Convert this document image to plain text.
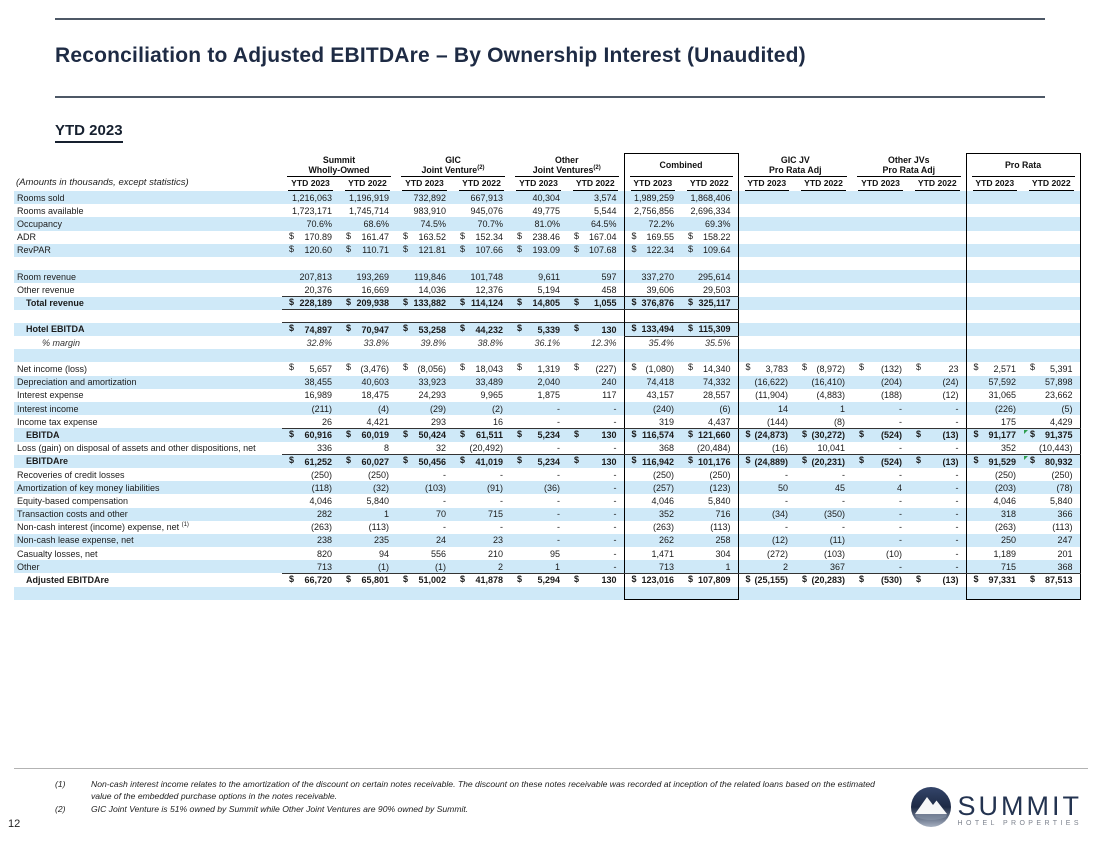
Reconciliation to Adjusted EBITDAre – By Ownership Interest (Unaudited)
YTD 2023
(Amounts in thousands, except statistics)	Summit
Wholly-Owned		GIC
Joint Venture$^{(2)}$		Other
Joint Ventures$^{(2)}$		Combined		GIC JV
Pro Rata Adj		Other JVs
Pro Rata Adj		Pro Rata	

	YTD 2023	YTD 2022	YTD 2023	YTD 2022	YTD 2023	YTD 2022	YTD 2023	YTD 2022	YTD 2023	YTD 2022	YTD 2023	YTD 2022	YTD 2023	YTD 2022

Rooms sold	1,216,063	1,196,919	732,892	667,913	40,304	3,574	1,989,259	1,868,406						
Rooms available	1,723,171	1,745,714	983,910	945,076	49,775	5,544	2,756,856	2,696,334						
Occupancy	70.6%	68.6%	74.5%	70.7%	81.0%	64.5%	72.2%	69.3%						
ADR	$ 170.89	$ 161.47	$ 163.52	$ 152.34	$ 238.46	$ 167.04	$ 169.55	$ 158.22						
RevPAR	$ 120.60	$ 110.71	$ 121.81	$ 107.66	$ 193.09	$ 107.68	$ 122.34	$ 109.64						

Room revenue	207,813	193,269	119,846	101,748	9,611	597	337,270	295,614						
Other revenue	20,376	16,669	14,036	12,376	5,194	458	39,606	29,503						
Total revenue	$ 228,189	$ 209,938	$ 133,882	$ 114,124	$ 14,805	$ 1,055	$ 376,876	$ 325,117						

Hotel EBITDA	$ 74,897	$ 70,947	$ 53,258	$ 44,232	$ 5,339	$ 130	$ 133,494	$ 115,309						
% margin	32.8%	33.8%	39.8%	38.8%	36.1%	12.3%	35.4%	35.5%						

Net income (loss)	$ 5,657	$ (3,476)	$ (8,056)	$ 18,043	$ 1,319	$ (227)	$ (1,080)	$ 14,340	$ 3,783	$ (8,972)	$ (132)	$ 23	$ 2,571	$ 5,391
Depreciation and amortization	38,455	40,603	33,923	33,489	2,040	240	74,418	74,332	(16,622)	(16,410)	(204)	(24)	57,592	57,898
Interest expense	16,989	18,475	24,293	9,965	1,875	117	43,157	28,557	(11,904)	(4,883)	(188)	(12)	31,065	23,662
Interest income	(211)	(4)	(29)	(2)	-	-	(240)	(6)	14	1	-	-	(226)	(5)
Income tax expense	26	4,421	293	16	-	-	319	4,437	(144)	(8)	-	-	175	4,429
EBITDA	$ 60,916	$ 60,019	$ 50,424	$ 61,511	$ 5,234	$ 130	$ 116,574	$ 121,660	$ (24,873)	$ (30,272)	$ (524)	$ (13)	$ 91,177	$ 91,375
Loss (gain) on disposal of assets and other dispositions, net	336	8	32	(20,492)	-	-	368	(20,484)	(16)	10,041	-	-	352	(10,443)
EBITDAre	$ 61,252	$ 60,027	$ 50,456	$ 41,019	$ 5,234	$ 130	$ 116,942	$ 101,176	$ (24,889)	$ (20,231)	$ (524)	$ (13)	$ 91,529	$ 80,932
Recoveries of credit losses	(250)	(250)	-	-	-	-	(250)	(250)	-	-	-	-	(250)	(250)
Amortization of key money liabilities	(118)	(32)	(103)	(91)	(36)	-	(257)	(123)	50	45	4	-	(203)	(78)
Equity-based compensation	4,046	5,840	-	-	-	-	4,046	5,840	-	-	-	-	4,046	5,840
Transaction costs and other	282	1	70	715	-	-	352	716	(34)	(350)	-	-	318	366
Non-cash interest (income) expense, net $^{(1)}$	(263)	(113)	-	-	-	-	(263)	(113)	-	-	-	-	(263)	(113)
Non-cash lease expense, net	238	235	24	23	-	-	262	258	(12)	(11)	-	-	250	247
Casualty losses, net	820	94	556	210	95	-	1,471	304	(272)	(103)	(10)	-	1,189	201
Other	713	(1)	(1)	2	1	-	713	1	2	367	-	-	715	368
Adjusted EBITDAre	$ 66,720	$ 65,801	$ 51,002	$ 41,878	$ 5,294	$ 130	$ 123,016	$ 107,809	$ (25,155)	$ (20,283)	$ (530)	$ (13)	$ 97,331	$ 87,513

(1)	Non-cash interest income relates to the amortization of the discount on certain notes receivable. The discount on these notes receivable was recorded at inception of the related loans based on the estimated value of the embedded purchase options in the notes receivable.
(2)	GIC Joint Venture is 51% owned by Summit while Other Joint Ventures are 90% owned by Summit.
12
SUMMIT
HOTEL PROPERTIES
